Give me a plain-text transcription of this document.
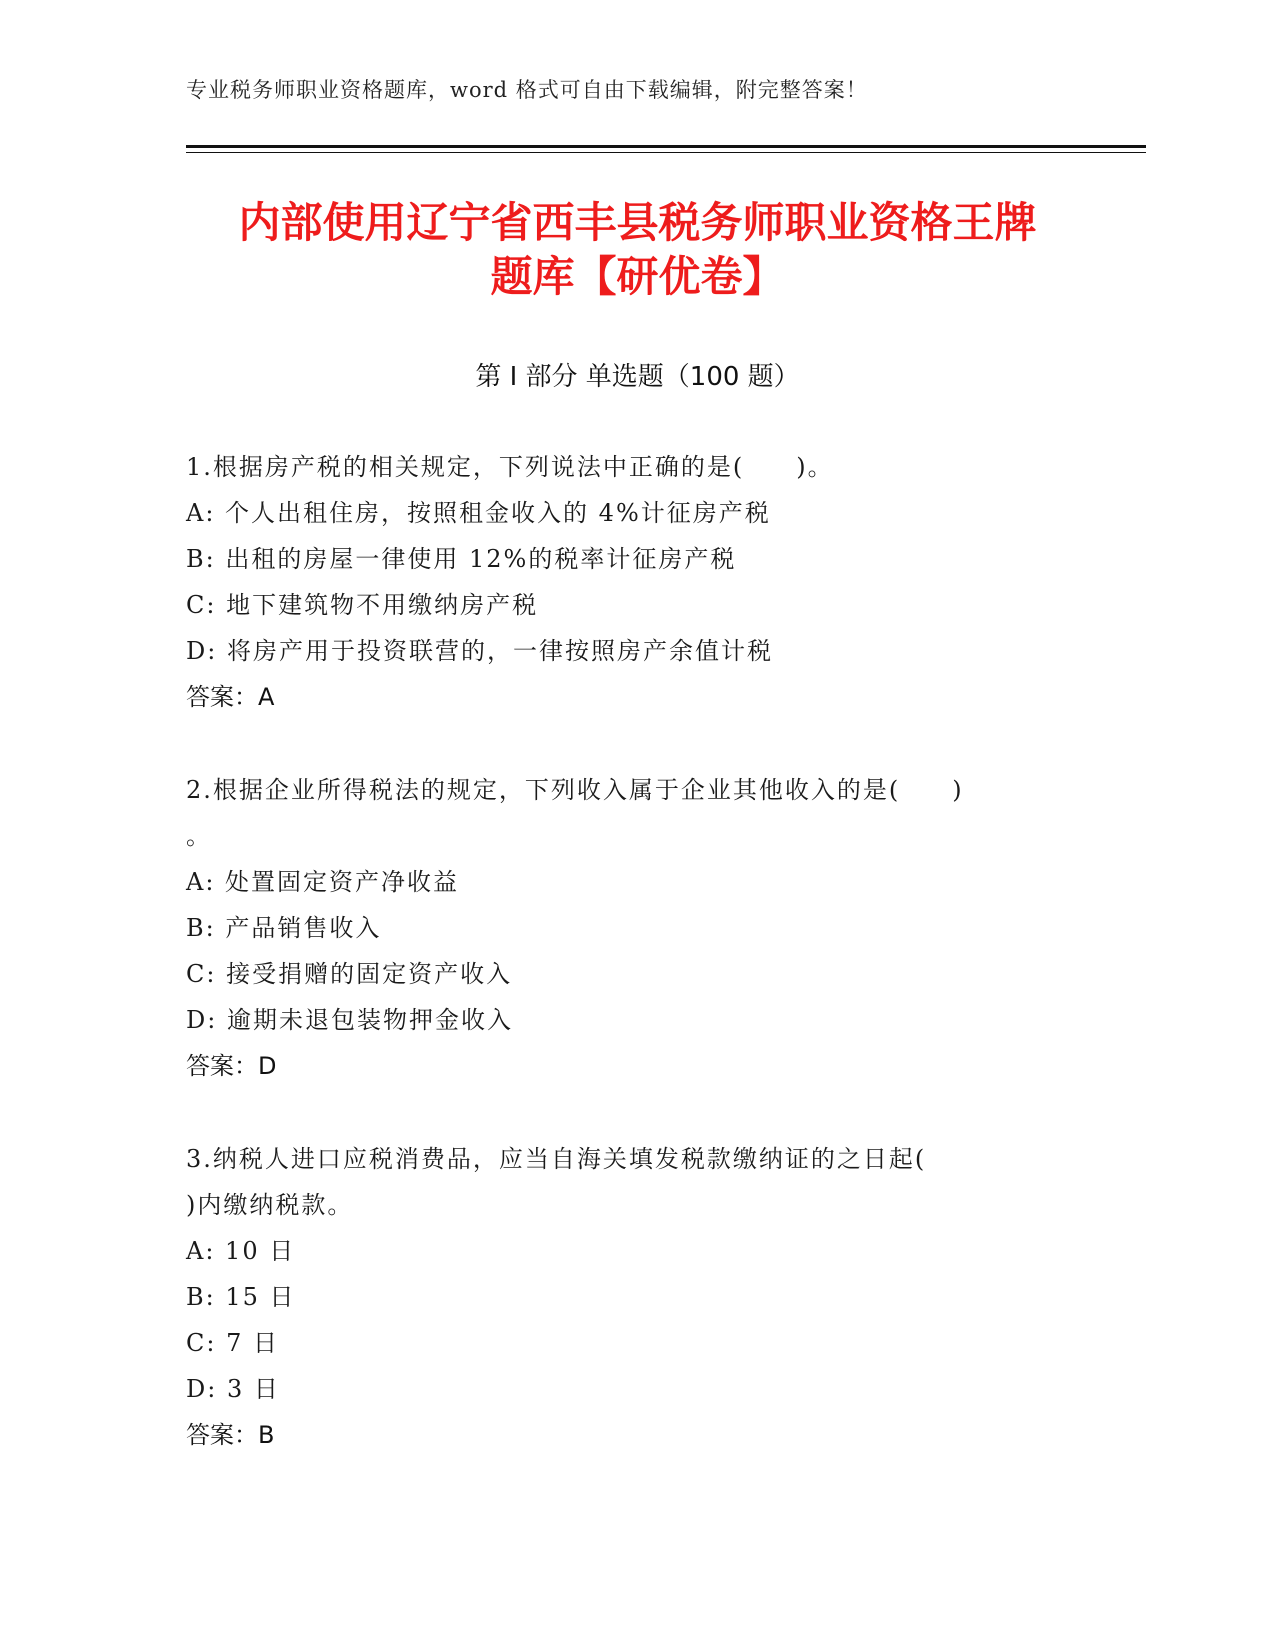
专业税务师职业资格题库，word 格式可自由下载编辑，附完整答案！
内部使用辽宁省西丰县税务师职业资格王牌
题库【研优卷】
第 I 部分 单选题（100 题）
1.根据房产税的相关规定，下列说法中正确的是(　　)。
A: 个人出租住房，按照租金收入的 4%计征房产税
B: 出租的房屋一律使用 12%的税率计征房产税
C: 地下建筑物不用缴纳房产税
D: 将房产用于投资联营的，一律按照房产余值计税
答案：A
2.根据企业所得税法的规定，下列收入属于企业其他收入的是(　　)
。
A: 处置固定资产净收益
B: 产品销售收入
C: 接受捐赠的固定资产收入
D: 逾期未退包装物押金收入
答案：D
3.纳税人进口应税消费品，应当自海关填发税款缴纳证的之日起(
)内缴纳税款。
A: 10 日
B: 15 日
C: 7 日
D: 3 日
答案：B
